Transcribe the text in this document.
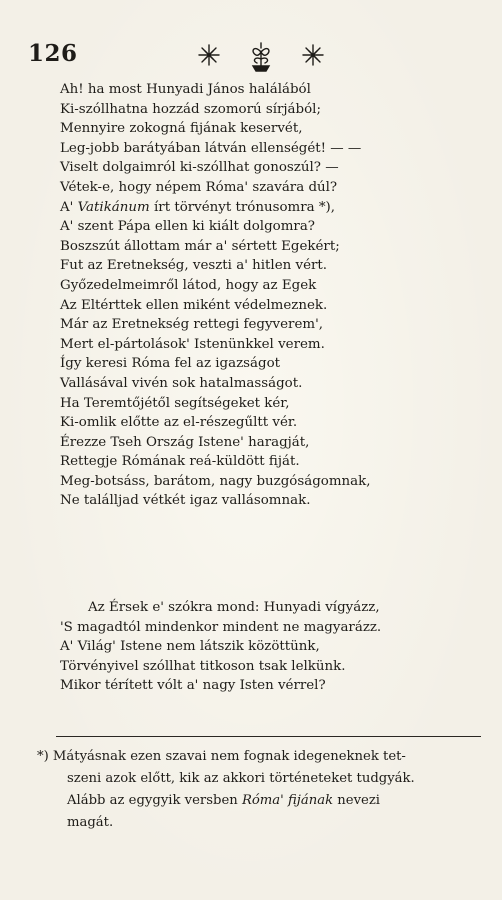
126
Ah! ha most Hunyadi János halálából
Ki-szóllhatna hozzád szomorú sírjából;
Mennyire zokogná fijának keservét,
Leg-jobb barátyában látván ellenségét! — —
Viselt dolgaimról ki-szóllhat gonoszúl? —
Vétek-e, hogy népem Róma' szavára dúl?
A' Vatikánum írt törvényt trónusomra *),
A' szent Pápa ellen ki kiált dolgomra?
Boszszút állottam már a' sértett Egekért;
Fut az Eretnekség, veszti a' hitlen vért.
Győzedelmeimről látod, hogy az Egek
Az Eltérttek ellen miként védelmeznek.
Már az Eretnekség rettegi fegyverem',
Mert el-pártolások' Istenünkkel verem.
Így keresi Róma fel az igazságot
Vallásával vivén sok hatalmasságot.
Ha Teremtőjétől segítségeket kér,
Ki-omlik előtte az el-részegűltt vér.
Érezze Tseh Ország Istene' haragját,
Rettegje Rómának reá-küldött fiját.
Meg-botsáss, barátom, nagy buzgóságomnak,
Ne találljad vétkét igaz vallásomnak.
Az Érsek e' szókra mond: Hunyadi vígyázz,
'S magadtól mindenkor mindent ne magyarázz.
A' Világ' Istene nem látszik közöttünk,
Törvényivel szóllhat titkoson tsak lelkünk.
Mikor térített vólt a' nagy Isten vérrel?
*) Mátyásnak ezen szavai nem fognak idegeneknek tet-
szeni azok előtt, kik az akkori történeteket tudgyák.
Alább az egygyik versben Róma' fijának nevezi
magát.
